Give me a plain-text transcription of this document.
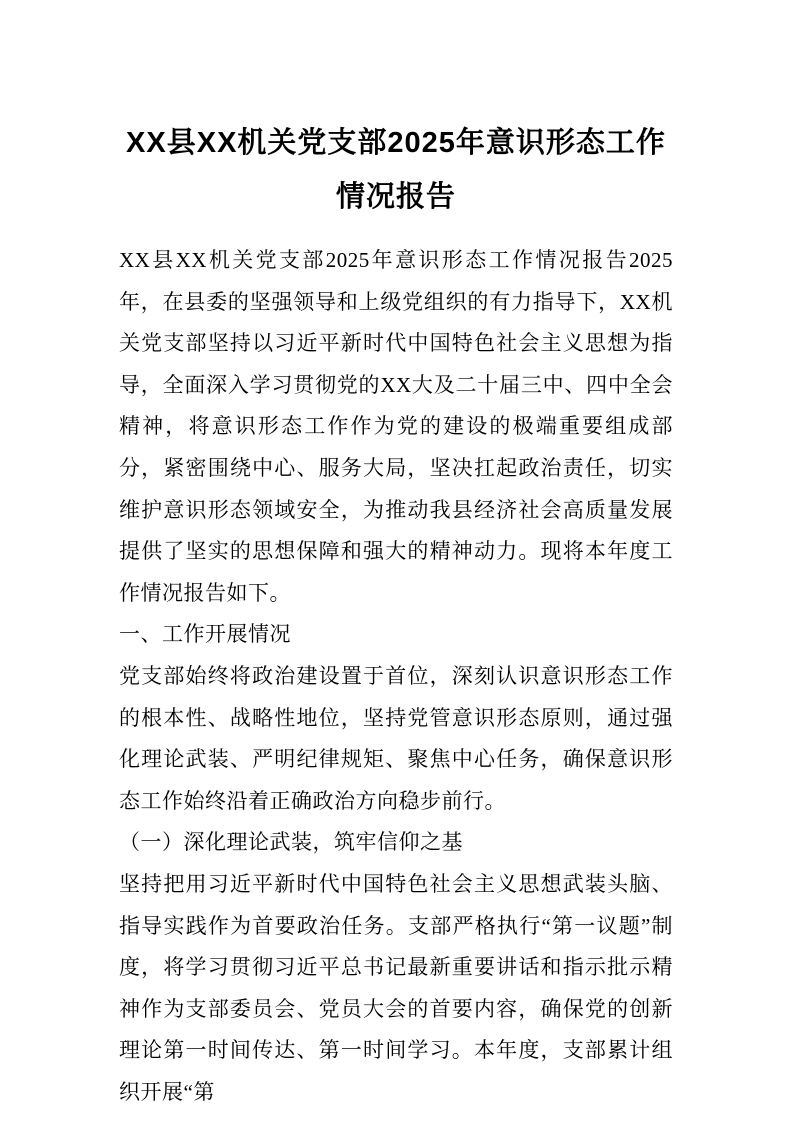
XX县XX机关党支部2025年意识形态工作情况报告

XX县XX机关党支部2025年意识形态工作情况报告2025年，在县委的坚强领导和上级党组织的有力指导下，XX机关党支部坚持以习近平新时代中国特色社会主义思想为指导，全面深入学习贯彻党的XX大及二十届三中、四中全会精神，将意识形态工作作为党的建设的极端重要组成部分，紧密围绕中心、服务大局，坚决扛起政治责任，切实维护意识形态领域安全，为推动我县经济社会高质量发展提供了坚实的思想保障和强大的精神动力。现将本年度工作情况报告如下。

一、工作开展情况

党支部始终将政治建设置于首位，深刻认识意识形态工作的根本性、战略性地位，坚持党管意识形态原则，通过强化理论武装、严明纪律规矩、聚焦中心任务，确保意识形态工作始终沿着正确政治方向稳步前行。

（一）深化理论武装，筑牢信仰之基

坚持把用习近平新时代中国特色社会主义思想武装头脑、指导实践作为首要政治任务。支部严格执行“第一议题”制度，将学习贯彻习近平总书记最新重要讲话和指示批示精神作为支部委员会、党员大会的首要内容，确保党的创新理论第一时间传达、第一时间学习。本年度，支部累计组织开展“第
